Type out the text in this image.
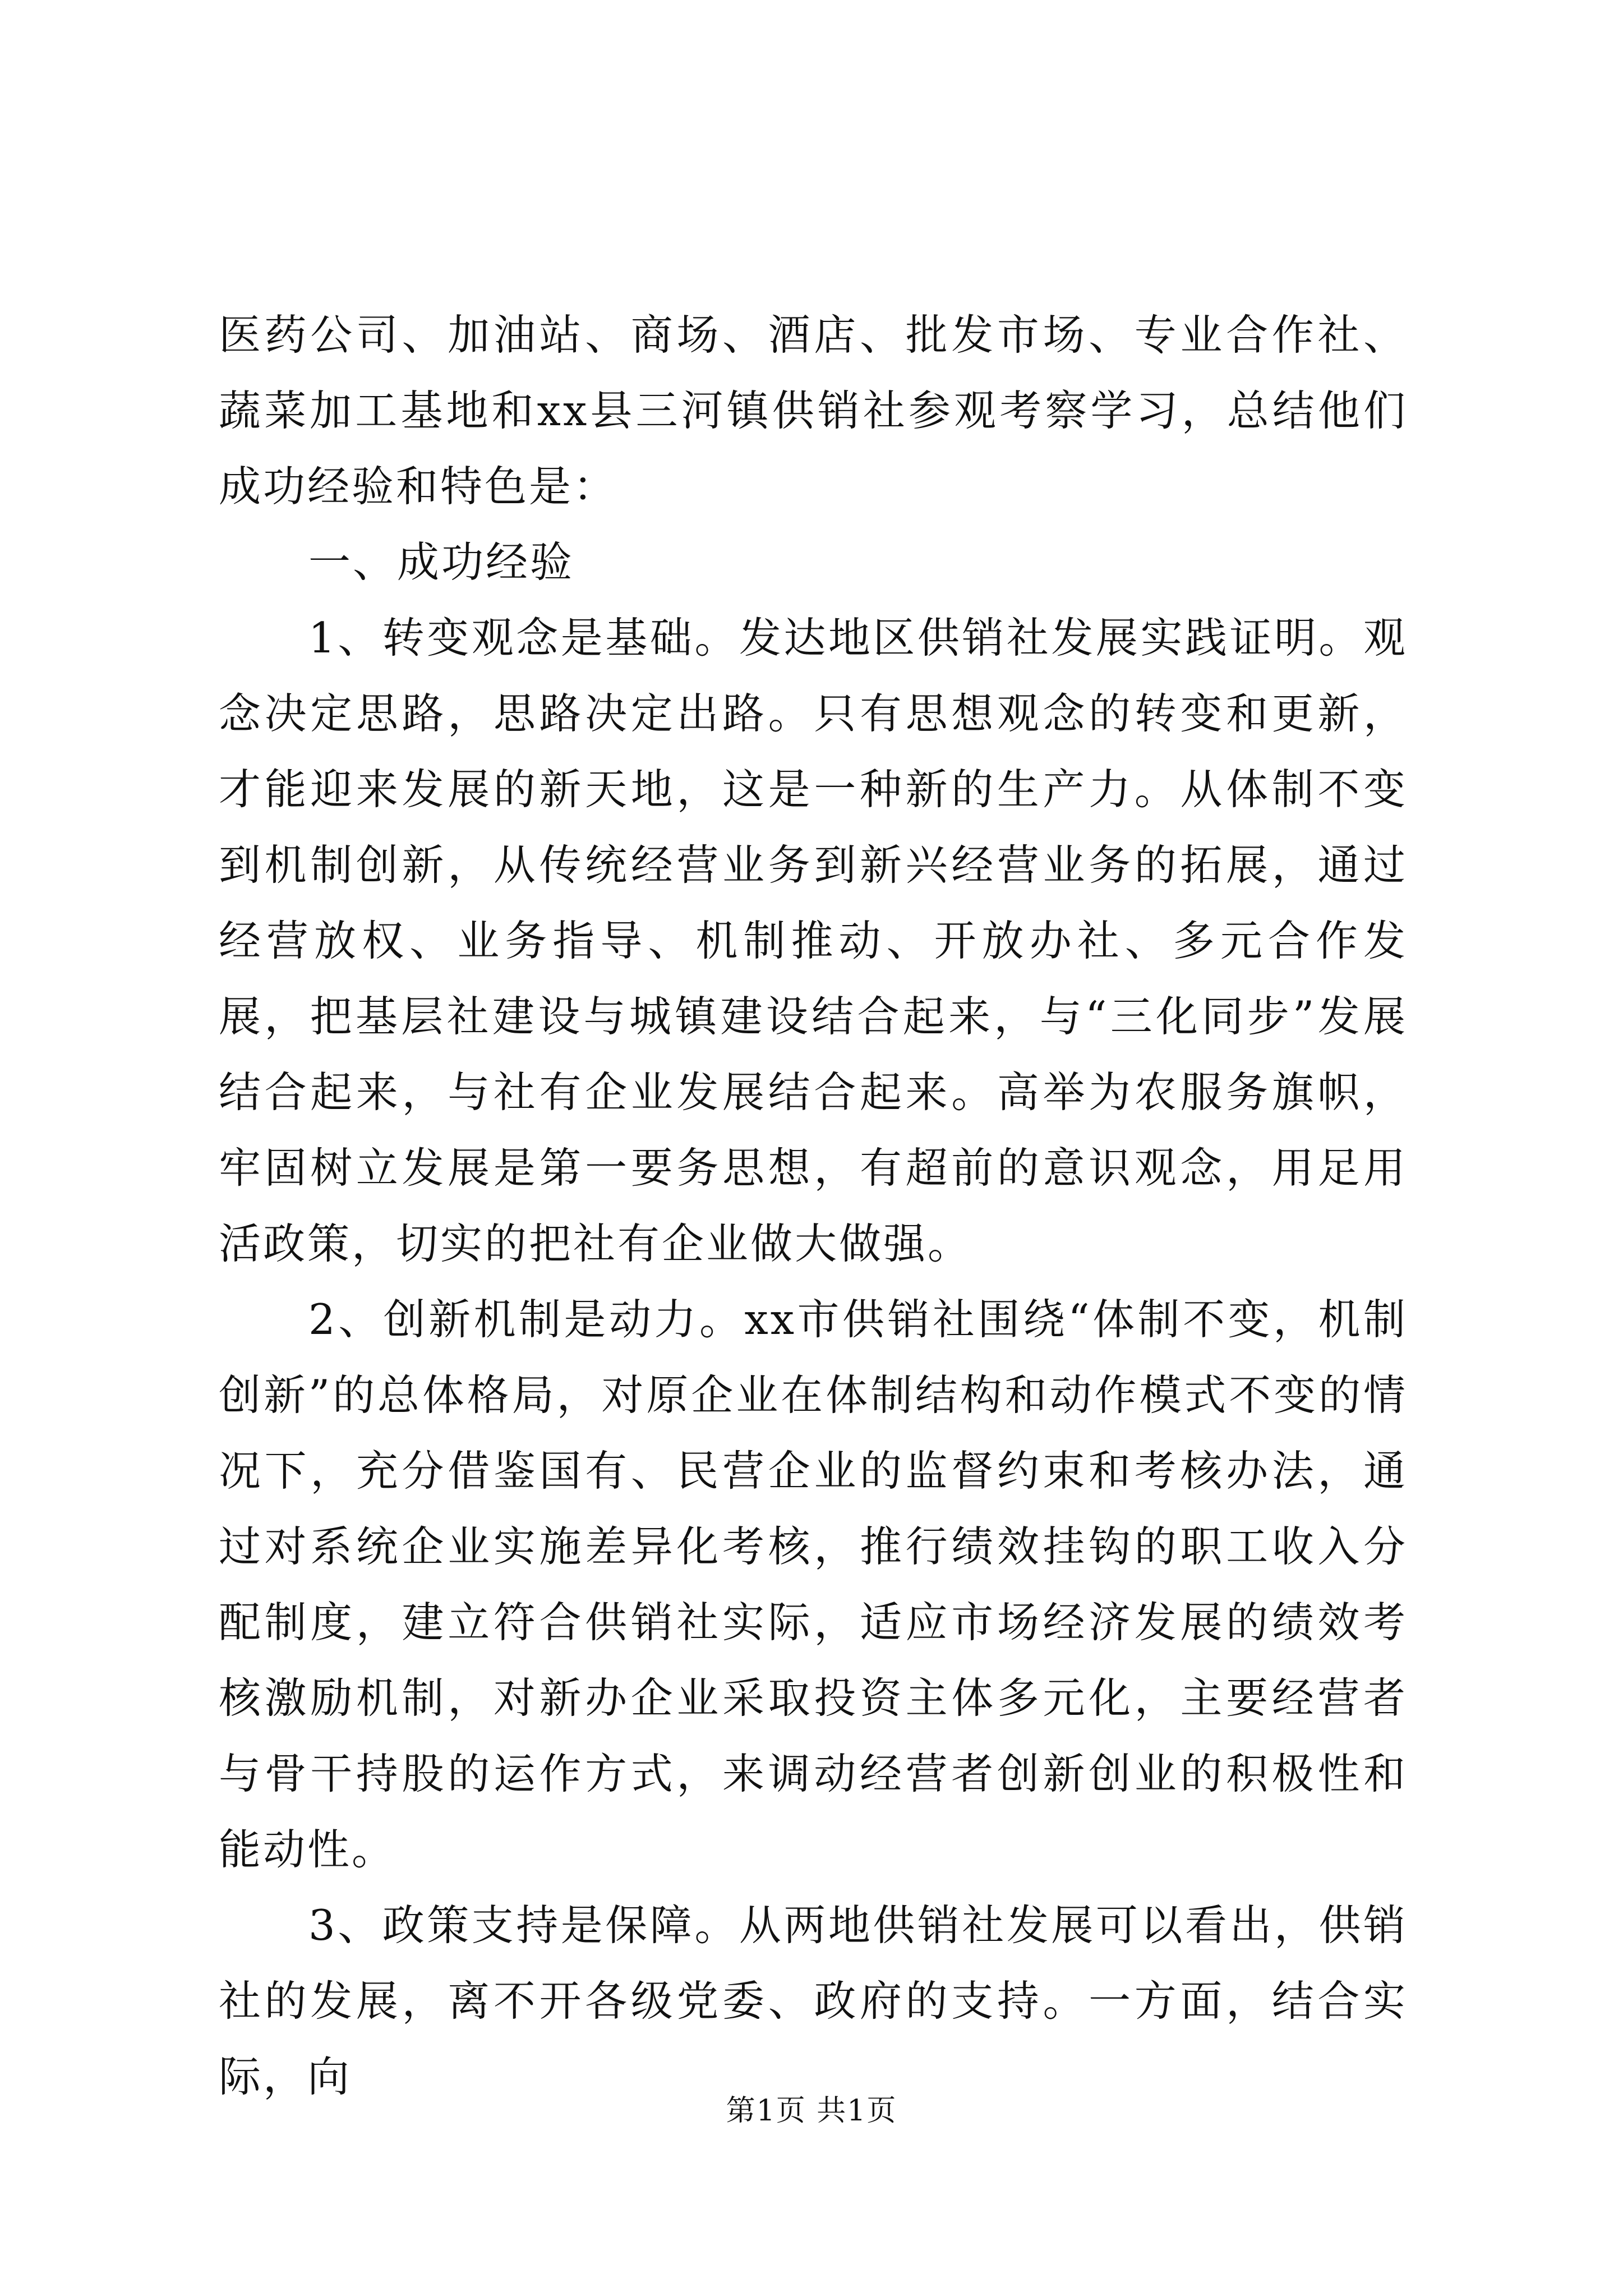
医药公司、加油站、商场、酒店、批发市场、专业合作社、蔬菜加工基地和xx县三河镇供销社参观考察学习，总结他们成功经验和特色是：

一、成功经验

1、转变观念是基础。发达地区供销社发展实践证明。观念决定思路，思路决定出路。只有思想观念的转变和更新，才能迎来发展的新天地，这是一种新的生产力。从体制不变到机制创新，从传统经营业务到新兴经营业务的拓展，通过经营放权、业务指导、机制推动、开放办社、多元合作发展，把基层社建设与城镇建设结合起来，与“三化同步”发展结合起来，与社有企业发展结合起来。高举为农服务旗帜，牢固树立发展是第一要务思想，有超前的意识观念，用足用活政策，切实的把社有企业做大做强。

2、创新机制是动力。xx市供销社围绕“体制不变，机制创新”的总体格局，对原企业在体制结构和动作模式不变的情况下，充分借鉴国有、民营企业的监督约束和考核办法，通过对系统企业实施差异化考核，推行绩效挂钩的职工收入分配制度，建立符合供销社实际，适应市场经济发展的绩效考核激励机制，对新办企业采取投资主体多元化，主要经营者与骨干持股的运作方式，来调动经营者创新创业的积极性和能动性。

3、政策支持是保障。从两地供销社发展可以看出，供销社的发展，离不开各级党委、政府的支持。一方面，结合实际，向

第1页 共1页
